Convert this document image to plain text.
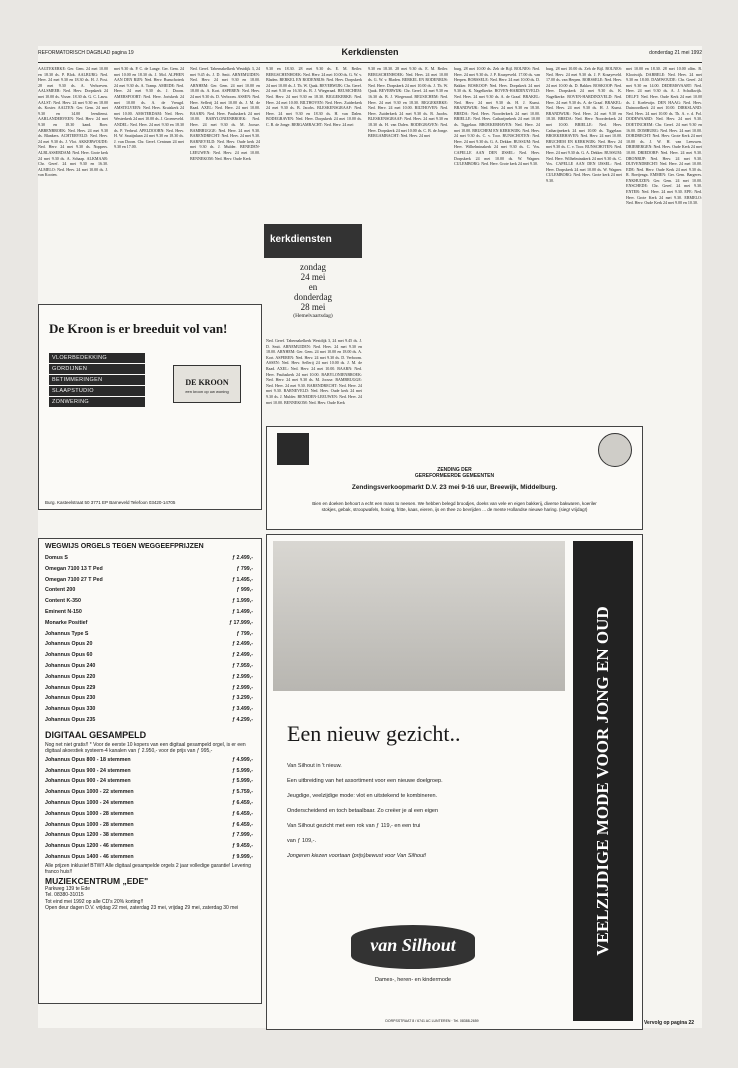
REFORMATORISCH DAGBLAD pagina 19	Kerkdiensten	donderdag 21 mei 1992
AAGTEKERKE: Ger. Gem. 24 mei 10.00 en 18.30 ds. P. Blok. AALBURG: Ned. Herv. 24 mei 9.30 en 18.30 ds. H. J. Post. 28 mei 9.30 ds. A. Verhoeven. AALSMEER: Ned. Herv. Dorpskerk 24 mei 10.00 ds. Visser. 18.30 ds. G. C. Lauw. AALST: Ned. Herv. 24 mei 9.30 en 18.00 ds. Koster. AALTEN: Ger. Gem. 24 mei 9.30 en 14.00 leesdienst. AARLANDERVEEN: Ned. Herv. 24 mei 9.30 en 18.30 kand. Boer. ABBENBROEK: Ned. Herv. 24 mei 9.30 ds. Blankers. ACHTERVELD: Ned. Herv. 24 mei 9.30 ds. J. Vlot. AKKERWOUDE: Ned. Herv. 24 mei 9.30 ds. Noppers. ALBLASSERDAM: Ned. Herv. Grote kerk 24 mei 9.30 ds. A. Schaap. ALKMAAR: Chr. Geref. 24 mei 9.30 en 16.30. ALMELO: Ned. Herv. 24 mei 10.00 ds. J. van Kooten.
mei 9.30 ds. P. C. de Lange. Ger. Gem. 24 mei 10.00 en 18.30 ds. J. Mol. ALPHEN AAN DEN RIJN: Ned. Herv. Bunschoterk 24 mei 9.30 ds. A. Tramp. AMEIDE: Ned. Herv. 24 mei 9.30 ds. J. Doorn. AMERSFOORT: Ned. Herv. Joriskerk 24 mei 10.00 ds. A. de Vreugd. AMSTELVEEN: Ned. Herv. Kruiskerk 24 mei 10.00. AMSTERDAM: Ned. Herv. Westerkerk 24 mei 10.00 ds. J. Groeneveld. ANDEL: Ned. Herv. 24 mei 9.30 en 18.30 ds. P. Verheul. APELDOORN: Ned. Herv. H. W. Sautijnlaan 24 mei 9.30 en 18.30 ds. J. van Doorn. Chr. Geref. Centrum 24 mei 9.30 en 17.00.
Ned. Geref. Tabernakelkerk Westdijk 3, 24 mei 9.45 ds. J. D. Smit. ARNEMUIDEN: Ned. Herv. 24 mei 9.30 en 18.00. ARNHEM: Ger. Gem. 24 mei 10.00 en 18.00 ds. A. Kort. ASPEREN: Ned. Herv. 24 mei 9.30 ds. D. Verboom. ASSEN: Ned. Herv. Seflerij 24 mei 10.00 ds. J. M. de Raad. AXEL: Ned. Herv. 24 mei 10.00. BAARN: Ned. Herv. Pauluskerk 24 mei 10.00. BABYLONIENBROEK: Ned. Herv. 24 mei 9.30 ds. M. Joosse. BAMBRUGGE: Ned. Herv. 24 mei 9.30. BARENDRECHT: Ned. Herv. 24 mei 9.30. BARNEVELD: Ned. Herv. Oude kerk 24 mei 9.30 ds. J. Mulder. BENEDEN-LEEUWEN: Ned. Herv. 24 mei 10.00. BENNEKOM: Ned. Herv. Oude Kerk
kerkdiensten
zondag
24 mei
en
donderdag
28 mei
(Hemelvaartsdag)
9.30 en 18.30. 28 mei 9.30 ds. E. M. Reiler. BERGSCHENHOEK: Ned. Herv. 24 mei 10.00 ds. G. W. v. Bladen. BERKEL EN RODENRIJS: Ned. Herv. Dorpskerk 24 mei 10.00 ds. J. Th. W. Quak. BEVERWIJK: Chr. Geref. 24 mei 9.30 en 16.30 ds. B. J. Wiegeraad. BEUSICHEM: Ned. Herv. 24 mei 9.30 en 18.30. BIGGEKERKE: Ned. Herv. 24 mei 10.00. BILTHOVEN: Ned. Herv. Zuiderkerk 24 mei 9.30 ds. B. Jacobs. BLESKENSGRAAF: Ned. Herv. 24 mei 9.30 en 18.30 ds. H. van Dalen. BODEGRAVEN: Ned. Herv. Dorpskerk 24 mei 10.00 ds. C. B. de Jonge. BERGAMBACHT: Ned. Herv. 24 mei
Ned. Geref. Tabernakelkerk Westdijk 3, 24 mei 9.45 ds. J. D. Smit. ARNEMUIDEN: Ned. Herv. 24 mei 9.30 en 18.00. ARNHEM: Ger. Gem. 24 mei 10.00 en 18.00 ds. A. Kort. ASPEREN: Ned. Herv. 24 mei 9.30 ds. D. Verboom. ASSEN: Ned. Herv. Seflerij 24 mei 10.00 ds. J. M. de Raad. AXEL: Ned. Herv. 24 mei 10.00. BAARN: Ned. Herv. Pauluskerk 24 mei 10.00. BABYLONIENBROEK: Ned. Herv. 24 mei 9.30 ds. M. Joosse. BAMBRUGGE: Ned. Herv. 24 mei 9.30. BARENDRECHT: Ned. Herv. 24 mei 9.30. BARNEVELD: Ned. Herv. Oude kerk 24 mei 9.30 ds. J. Mulder. BENEDEN-LEEUWEN: Ned. Herv. 24 mei 10.00. BENNEKOM: Ned. Herv. Oude Kerk
9.30 en 18.30. 28 mei 9.30 ds. E. M. Reiler. BERGSCHENHOEK: Ned. Herv. 24 mei 10.00 ds. G. W. v. Bladen. BERKEL EN RODENRIJS: Ned. Herv. Dorpskerk 24 mei 10.00 ds. J. Th. W. Quak. BEVERWIJK: Chr. Geref. 24 mei 9.30 en 16.30 ds. B. J. Wiegeraad. BEUSICHEM: Ned. Herv. 24 mei 9.30 en 18.30. BIGGEKERKE: Ned. Herv. 24 mei 10.00. BILTHOVEN: Ned. Herv. Zuiderkerk 24 mei 9.30 ds. B. Jacobs. BLESKENSGRAAF: Ned. Herv. 24 mei 9.30 en 18.30 ds. H. van Dalen. BODEGRAVEN: Ned. Herv. Dorpskerk 24 mei 10.00 ds. C. B. de Jonge. BERGAMBACHT: Ned. Herv. 24 mei
burg. 28 mei 10.00 ds. Zeh de Bijl. BOLNES: Ned. Herv. 24 mei 9.30 ds. J. P. Kraayeveld. 17.00 ds. van Herpen. BORSSELE: Ned. Herv. 24 mei 10.00 ds. D. Bakker. BOSKOOP: Ned. Herv. Dorpskerk 24 mei 9.30 ds. K. Nagelkerke. BOVEN-HARDINXVELD: Ned. Herv. 24 mei 9.30 ds. A. de Graaf. BRAKEL: Ned. Herv. 24 mei 9.30 ds. H. J. Kunst. BRANDWIJK: Ned. Herv. 24 mei 9.30 en 18.30. BREDA: Ned. Herv. Noorderkerk 24 mei 10.00. BRIELLE: Ned. Herv. Catharijnekerk 24 mei 10.00 ds. Tiggelaar. BROEKERHAVEN: Ned. Herv. 24 mei 10.00. BRUCHEM EN KERKWIJK: Ned. Herv. 24 mei 9.30 ds. C. v. Toor. BUNSCHOTEN: Ned. Herv. 24 mei 9.30 ds. G. A. Dekker. BUSSUM: Ned. Herv. Wilhelminakerk 24 mei 9.30 ds. C. Vos. CAPELLE AAN DEN IJSSEL: Ned. Herv. Dorpskerk 24 mei 10.00 ds. W. Wagner. CULEMBORG: Ned. Herv. Grote kerk 24 mei 9.30.
burg. 28 mei 10.00 ds. Zeh de Bijl. BOLNES: Ned. Herv. 24 mei 9.30 ds. J. P. Kraayeveld. 17.00 ds. van Herpen. BORSSELE: Ned. Herv. 24 mei 10.00 ds. D. Bakker. BOSKOOP: Ned. Herv. Dorpskerk 24 mei 9.30 ds. K. Nagelkerke. BOVEN-HARDINXVELD: Ned. Herv. 24 mei 9.30 ds. A. de Graaf. BRAKEL: Ned. Herv. 24 mei 9.30 ds. H. J. Kunst. BRANDWIJK: Ned. Herv. 24 mei 9.30 en 18.30. BREDA: Ned. Herv. Noorderkerk 24 mei 10.00. BRIELLE: Ned. Herv. Catharijnekerk 24 mei 10.00 ds. Tiggelaar. BROEKERHAVEN: Ned. Herv. 24 mei 10.00. BRUCHEM EN KERKWIJK: Ned. Herv. 24 mei 9.30 ds. C. v. Toor. BUNSCHOTEN: Ned. Herv. 24 mei 9.30 ds. G. A. Dekker. BUSSUM: Ned. Herv. Wilhelminakerk 24 mei 9.30 ds. C. Vos. CAPELLE AAN DEN IJSSEL: Ned. Herv. Dorpskerk 24 mei 10.00 ds. W. Wagner. CULEMBORG: Ned. Herv. Grote kerk 24 mei 9.30.
mei 10.00 en 18.30. 28 mei 10.00 olfm. B. Klootwijk. DABBELE: Ned. Herv. 24 mei 9.30 en 18.00. DAMWOUDE: Chr. Geref. 24 mei 9.30 en 14.00. DEDEMSVAART: Ned. Herv. 24 mei 9.30 ds. A. J. Schalkwijk. DELFT: Ned. Herv. Oude Kerk 24 mei 10.00 ds. J. Koelewijn. DEN HAAG: Ned. Herv. Duinoordkerk 24 mei 10.00. DIRKSLAND: Ned. Herv. 24 mei 10.00 ds. Th. A. v. d. Pol. DODEWAARD: Ned. Herv. 24 mei 9.30. DOETINCHEM: Chr. Geref. 24 mei 9.30 en 16.00. DOMBURG: Ned. Herv. 24 mei 10.00. DORDRECHT: Ned. Herv. Grote Kerk 24 mei 10.00 ds. J. W. H. van Leeuwen. DRIEBERGEN: Ned. Herv. Oude Kerk 24 mei 10.00. DRIEDORP: Ned. Herv. 24 mei 9.30. DRONRIJP: Ned. Herv. 24 mei 9.30. DUIVENDRECHT: Ned. Herv. 24 mei 10.00. EDE: Ned. Herv. Oude Kerk 24 mei 9.30 ds. R. Boeijenga. EMMEN: Ger. Gem. Bargeres. ENKHUIZEN: Ger. Gem. 24 mei 10.00. ENSCHEDE: Chr. Geref. 24 mei 9.30. ENTER: Ned. Herv. 24 mei 9.30. EPE: Ned. Herv. Grote Kerk 24 mei 9.30. ERMELO: Ned. Herv. Oude Kerk 24 mei 9.00 en 10.30.
De Kroon is er breeduit vol van!
VLOERBEDEKKING
GORDIJNEN
BETIMMERINGEN
SLAAPSTUDIO
ZONWERING
DE KROON
een kroon op uw woning
Burg. Kasteelstraat 50 3771 EP Barneveld Telefoon 03420-14705
WEGWIJS ORGELS TEGEN WEGGEEFPRIJZEN
Domus S	ƒ 2.499,-
Omegan 7100 13 T Ped	ƒ 799,-
Omegan 7100 27 T Ped	ƒ 1.495,-
Content 200	ƒ 999,-
Content K-350	ƒ 1.999,-
Eminent N-150	ƒ 1.499,-
Monarke Positief	ƒ 17.999,-
Johannus Type S	ƒ 799,-
Johannus Opus 20	ƒ 2.499,-
Johannus Opus 60	ƒ 2.499,-
Johannus Opus 240	ƒ 7.959,-
Johannus Opus 220	ƒ 2.999,-
Johannus Opus 229	ƒ 2.999,-
Johannus Opus 230	ƒ 3.299,-
Johannus Opus 330	ƒ 3.499,-
Johannus Opus 235	ƒ 4.299,-
DIGITAAL GESAMPELD
Nog net niet gratis!! * Voor de eerste 10 kopers van een digitaal gesampeld orgel, is er een digitaal akoestiek systeem-4 kanalen van ƒ 2.950,- voor de prijs van ƒ 995,-
Johannus Opus 800 - 18 stemmen	ƒ 4.999,-
Johannus Opus 900 - 24 stemmen	ƒ 5.999,-
Johannus Opus 900 - 24 stemmen	ƒ 5.999,-
Johannus Opus 1000 - 22 stemmen	ƒ 5.759,-
Johannus Opus 1000 - 24 stemmen	ƒ 6.459,-
Johannus Opus 1000 - 28 stemmen	ƒ 6.459,-
Johannus Opus 1000 - 28 stemmen	ƒ 6.459,-
Johannus Opus 1200 - 38 stemmen	ƒ 7.999,-
Johannus Opus 1200 - 46 stemmen	ƒ 9.459,-
Johannus Opus 1400 - 46 stemmen	ƒ 9.999,-
Alle prijzen inklusief BTW!! Alle digitaal gesampelde orgels 2 jaar volledige garantie! Levering franco huis!!
MUZIEKCENTRUM „EDE"
Parkweg 139 te Ede
Tel. 08380-31015
Tot eind mei 1992 op alle CD's 20% korting!!
Open deur dagen D.V. vrijdag 22 mei, zaterdag 23 mei, vrijdag 29 mei, zaterdag 30 mei
ZENDING DER
GEREFORMEERDE GEMEENTEN
Zendingsverkoopmarkt D.V. 23 mei 9-16 uur, Breewijk, Middelburg.
Bien en doeken behoort a echt een mass to neesen. We hebben belegd broodjes, doeks van vele en eigen bakkerij, diverse bakwaren, koeriler stokjes, gebak, stroopwafels, honing, fritte, kaas, eieren, ijs en thee zo bevrijden ... de mente Hollandse nieuwe haring. (sieg! vrijdag!)
Een nieuw gezicht..
Van Silhout in 't nieuw.
Een uitbreiding van het assortiment voor een nieuwe doelgroep.
Jeugdige, veelzijdige mode: vlot en uitstekend te kombineren.
Onderscheidend en toch betaalbaar. Zo creëer je al een eigen
Van Silhout gezicht met een rok van ƒ 119,- en een trui
van ƒ 109,-.
Jongeren kiezen voortaan (prijs)bewust voor Van Silhout!
van Silhout
Dames-, heren- en kindermode
VEELZIJDIGE MODE VOOR JONG EN OUD
DORPSSTRAAT 8 / 6741 AC LUNTEREN · Tel. 08388-2659	Vervolg op pagina 22
